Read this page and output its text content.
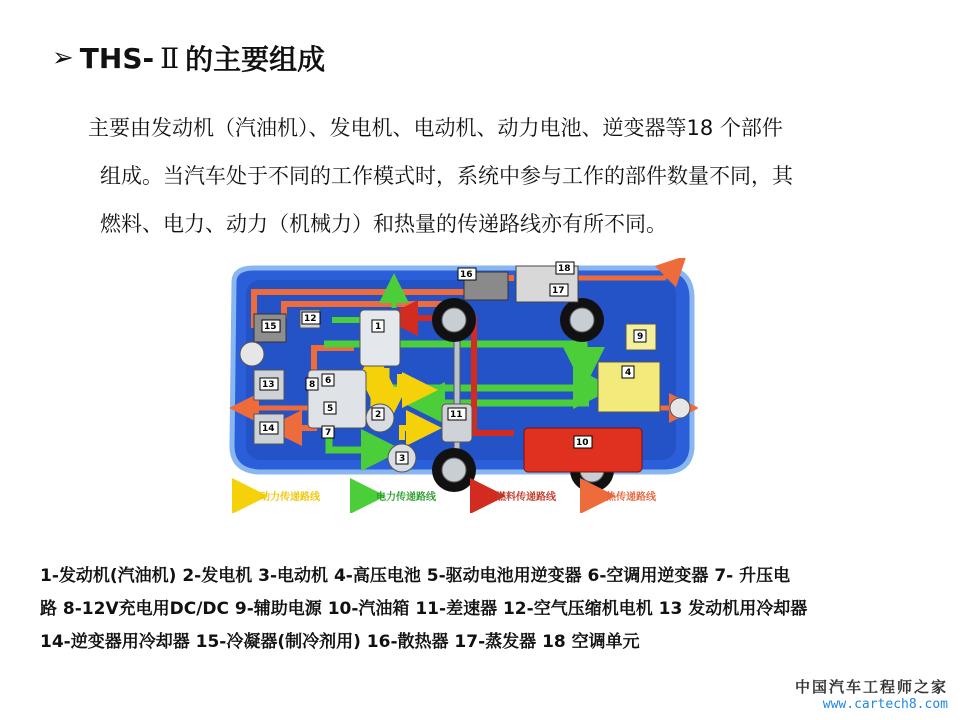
➢ THS- Ⅱ 的主要组成

主要由发动机（汽油机）、发电机、电动机、动力电池、逆变器等18 个部件

组成。当汽车处于不同的工作模式时，系统中参与工作的部件数量不同，其

燃料、电力、动力（机械力）和热量的传递路线亦有所不同。

1
2
3
4
5
6
7
8
9
10
11
12
13
14
15
16
17
18
动力传递路线	电力传递路线	燃料传递路线	热传递路线

1-发动机(汽油机) 2-发电机 3-电动机 4-高压电池 5-驱动电池用逆变器 6-空调用逆变器 7- 升压电

路 8-12V充电用DC/DC 9-辅助电源 10-汽油箱 11-差速器 12-空气压缩机电机 13 发动机用冷却器

14-逆变器用冷却器 15-冷凝器(制冷剂用) 16-散热器 17-蒸发器 18 空调单元

中国汽车工程师之家
www.cartech8.com
